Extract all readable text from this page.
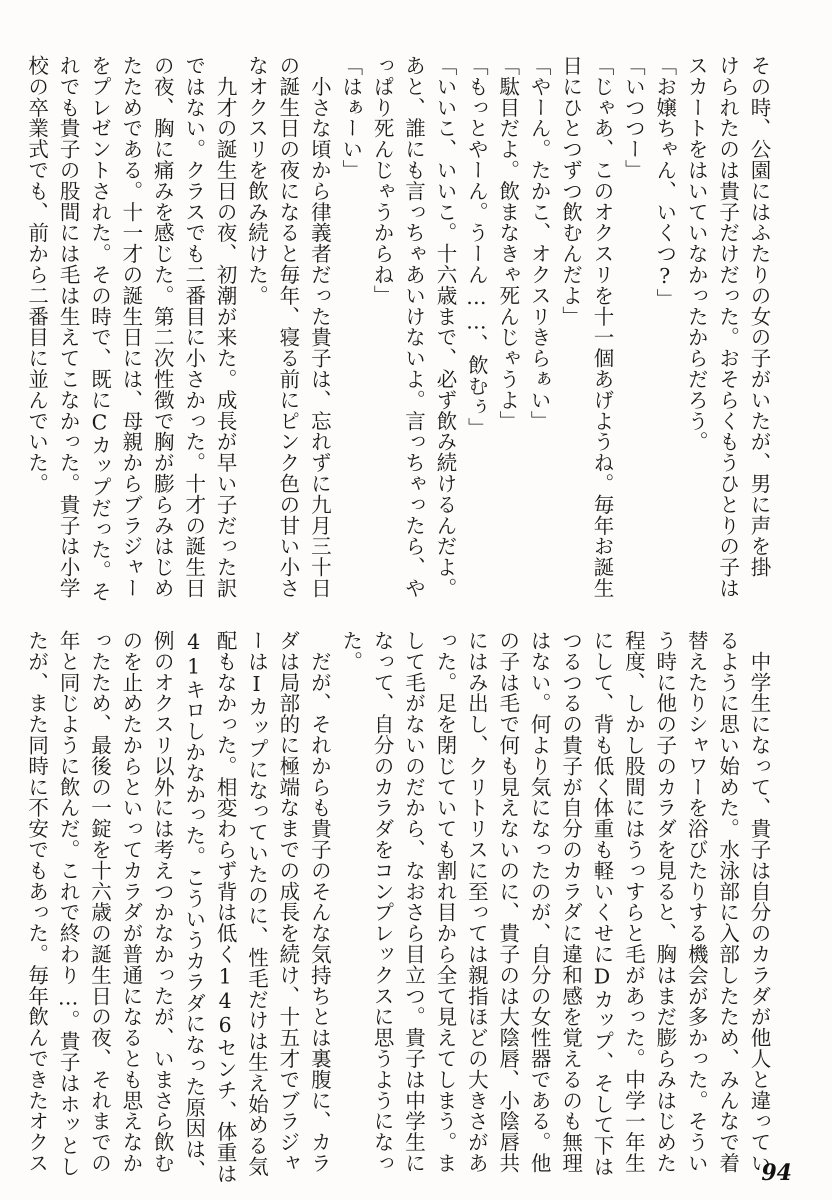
その時、公園にはふたりの女の子がいたが、男に声を掛
けられたのは貴子だけだった。おそらくもうひとりの子は
スカートをはいていなかったからだろう。
「お嬢ちゃん、いくつ?」
「いつつー」
「じゃあ、このオクスリを十一個あげようね。毎年お誕生
日にひとつずつ飲むんだよ」
「やーん。たかこ、オクスリきらぁい」
「駄目だよ。飲まなきゃ死んじゃうよ」
「もっとやーん。うーん……、飲むぅ」
「いいこ、いいこ。十六歳まで、必ず飲み続けるんだよ。
あと、誰にも言っちゃあいけないよ。言っちゃったら、や
っぱり死んじゃうからね」
「はぁーい」
　小さな頃から律義者だった貴子は、忘れずに九月三十日
の誕生日の夜になると毎年、寝る前にピンク色の甘い小さ
なオクスリを飲み続けた。
　九才の誕生日の夜、初潮が来た。成長が早い子だった訳
ではない。クラスでも二番目に小さかった。十才の誕生日
の夜、胸に痛みを感じた。第二次性徴で胸が膨らみはじめ
たためである。十一才の誕生日には、母親からブラジャー
をプレゼントされた。その時で、既にCカップだった。そ
れでも貴子の股間には毛は生えてこなかった。貴子は小学
校の卒業式でも、前から二番目に並んでいた。

　中学生になって、貴子は自分のカラダが他人と違ってい
るように思い始めた。水泳部に入部したため、みんなで着
替えたりシャワーを浴びたりする機会が多かった。そうい
う時に他の子のカラダを見ると、胸はまだ膨らみはじめた
程度、しかし股間にはうっすらと毛があった。中学一年生
にして、背も低く体重も軽いくせにDカップ、そして下は
つるつるの貴子が自分のカラダに違和感を覚えるのも無理
はない。何より気になったのが、自分の女性器である。他
の子は毛で何も見えないのに、貴子のは大陰唇、小陰唇共
にはみ出し、クリトリスに至っては親指ほどの大きさがあ
った。足を閉じていても割れ目から全て見えてしまう。ま
して毛がないのだから、なおさら目立つ。貴子は中学生に
なって、自分のカラダをコンプレックスに思うようになっ
た。
　だが、それからも貴子のそんな気持ちとは裏腹に、カラ
ダは局部的に極端なまでの成長を続け、十五才でブラジャ
ーはIカップになっていたのに、性毛だけは生え始める気
配もなかった。相変わらず背は低く146センチ、体重は
41キロしかなかった。こういうカラダになった原因は、
例のオクスリ以外には考えつかなかったが、いまさら飲む
のを止めたからといってカラダが普通になるとも思えなか
ったため、最後の一錠を十六歳の誕生日の夜、それまでの
年と同じように飲んだ。これで終わり…。貴子はホッとし
たが、また同時に不安でもあった。毎年飲んできたオクス	94
